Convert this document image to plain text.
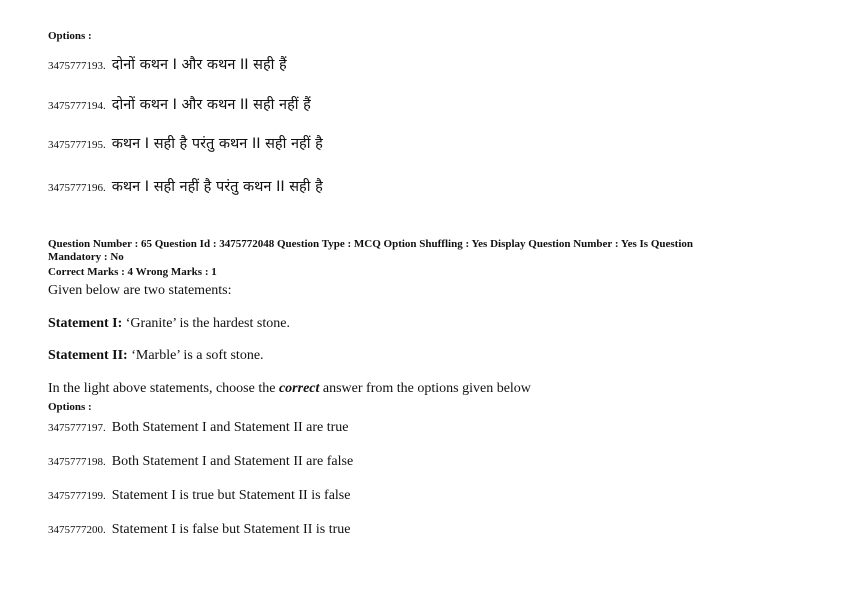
Options :
3475777193. दोनों कथन I और कथन II सही हैं
3475777194. दोनों कथन I और कथन II सही नहीं हैं
3475777195. कथन I सही है परंतु कथन II सही नहीं है
3475777196. कथन I सही नहीं है परंतु कथन II सही है
Question Number : 65 Question Id : 3475772048 Question Type : MCQ Option Shuffling : Yes Display Question Number : Yes Is Question
Mandatory : No
Correct Marks : 4 Wrong Marks : 1
Given below are two statements:
Statement I: ‘Granite’ is the hardest stone.
Statement II: ‘Marble’ is a soft stone.
In the light above statements, choose the correct answer from the options given below
Options :
3475777197. Both Statement I and Statement II are true
3475777198. Both Statement I and Statement II are false
3475777199. Statement I is true but Statement II is false
3475777200. Statement I is false but Statement II is true
